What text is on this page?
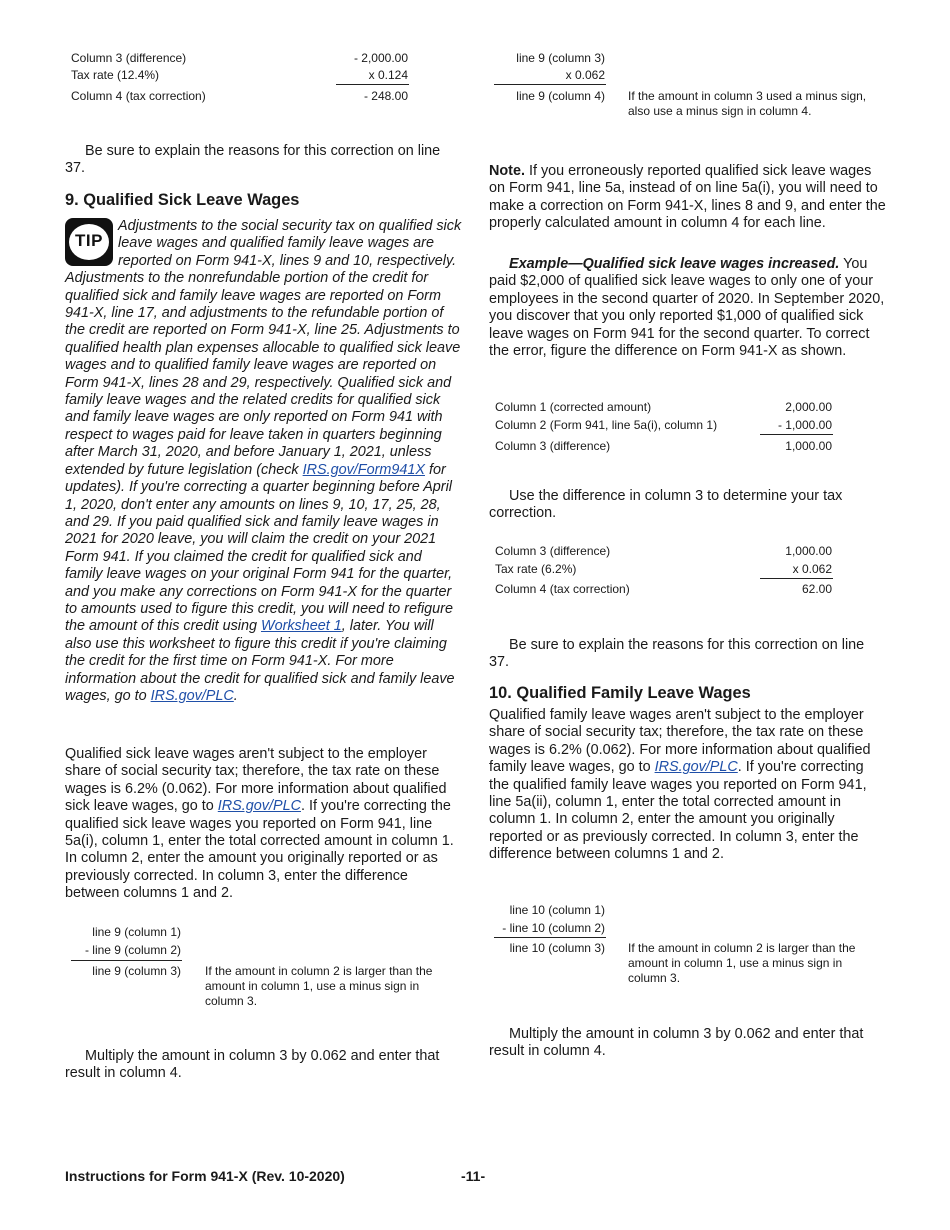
Column 3 (difference)	- 2,000.00
Tax rate (12.4%)	x 0.124
Column 4 (tax correction)	- 248.00
line 9 (column 3)
x 0.062
line 9 (column 4) If the amount in column 3 used a minus sign, also use a minus sign in column 4.

Be sure to explain the reasons for this correction on line 37.

9. Qualified Sick Leave Wages
TIP

Adjustments to the social security tax on qualified sick leave wages and qualified family leave wages are reported on Form 941-X, lines 9 and 10, respectively. Adjustments to the nonrefundable portion of the credit for qualified sick and family leave wages are reported on Form 941-X, line 17, and adjustments to the refundable portion of the credit are reported on Form 941-X, line 25. Adjustments to qualified health plan expenses allocable to qualified sick leave wages and to qualified family leave wages are reported on Form 941-X, lines 28 and 29, respectively. Qualified sick and family leave wages and the related credits for qualified sick and family leave wages are only reported on Form 941 with respect to wages paid for leave taken in quarters beginning after March 31, 2020, and before January 1, 2021, unless extended by future legislation (check IRS.gov/Form941X for updates). If you're correcting a quarter beginning before April 1, 2020, don't enter any amounts on lines 9, 10, 17, 25, 28, and 29. If you paid qualified sick and family leave wages in 2021 for 2020 leave, you will claim the credit on your 2021 Form 941. If you claimed the credit for qualified sick and family leave wages on your original Form 941 for the quarter, and you make any corrections on Form 941-X for the quarter to amounts used to figure this credit, you will need to refigure the amount of this credit using Worksheet 1, later. You will also use this worksheet to figure this credit if you're claiming the credit for the first time on Form 941-X. For more information about the credit for qualified sick and family leave wages, go to IRS.gov/PLC.

Qualified sick leave wages aren't subject to the employer share of social security tax; therefore, the tax rate on these wages is 6.2% (0.062). For more information about qualified sick leave wages, go to IRS.gov/PLC. If you're correcting the qualified sick leave wages you reported on Form 941, line 5a(i), column 1, enter the total corrected amount in column 1. In column 2, enter the amount you originally reported or as previously corrected. In column 3, enter the difference between columns 1 and 2.

line 9 (column 1)
- line 9 (column 2)
line 9 (column 3) If the amount in column 2 is larger than the amount in column 1, use a minus sign in column 3.

Multiply the amount in column 3 by 0.062 and enter that result in column 4.

Note. If you erroneously reported qualified sick leave wages on Form 941, line 5a, instead of on line 5a(i), you will need to make a correction on Form 941-X, lines 8 and 9, and enter the properly calculated amount in column 4 for each line.

Example—Qualified sick leave wages increased. You paid $2,000 of qualified sick leave wages to only one of your employees in the second quarter of 2020. In September 2020, you discover that you only reported $1,000 of qualified sick leave wages on Form 941 for the second quarter. To correct the error, figure the difference on Form 941-X as shown.

Column 1 (corrected amount)	2,000.00
Column 2 (Form 941, line 5a(i), column 1)	- 1,000.00
Column 3 (difference)	1,000.00

Use the difference in column 3 to determine your tax correction.

Column 3 (difference)	1,000.00
Tax rate (6.2%)	x 0.062
Column 4 (tax correction)	62.00

Be sure to explain the reasons for this correction on line 37.

10. Qualified Family Leave Wages

Qualified family leave wages aren't subject to the employer share of social security tax; therefore, the tax rate on these wages is 6.2% (0.062). For more information about qualified family leave wages, go to IRS.gov/PLC. If you're correcting the qualified family leave wages you reported on Form 941, line 5a(ii), column 1, enter the total corrected amount in column 1. In column 2, enter the amount you originally reported or as previously corrected. In column 3, enter the difference between columns 1 and 2.

line 10 (column 1)
- line 10 (column 2)
line 10 (column 3) If the amount in column 2 is larger than the amount in column 1, use a minus sign in column 3.

Multiply the amount in column 3 by 0.062 and enter that result in column 4.

Instructions for Form 941-X (Rev. 10-2020)	-11-
